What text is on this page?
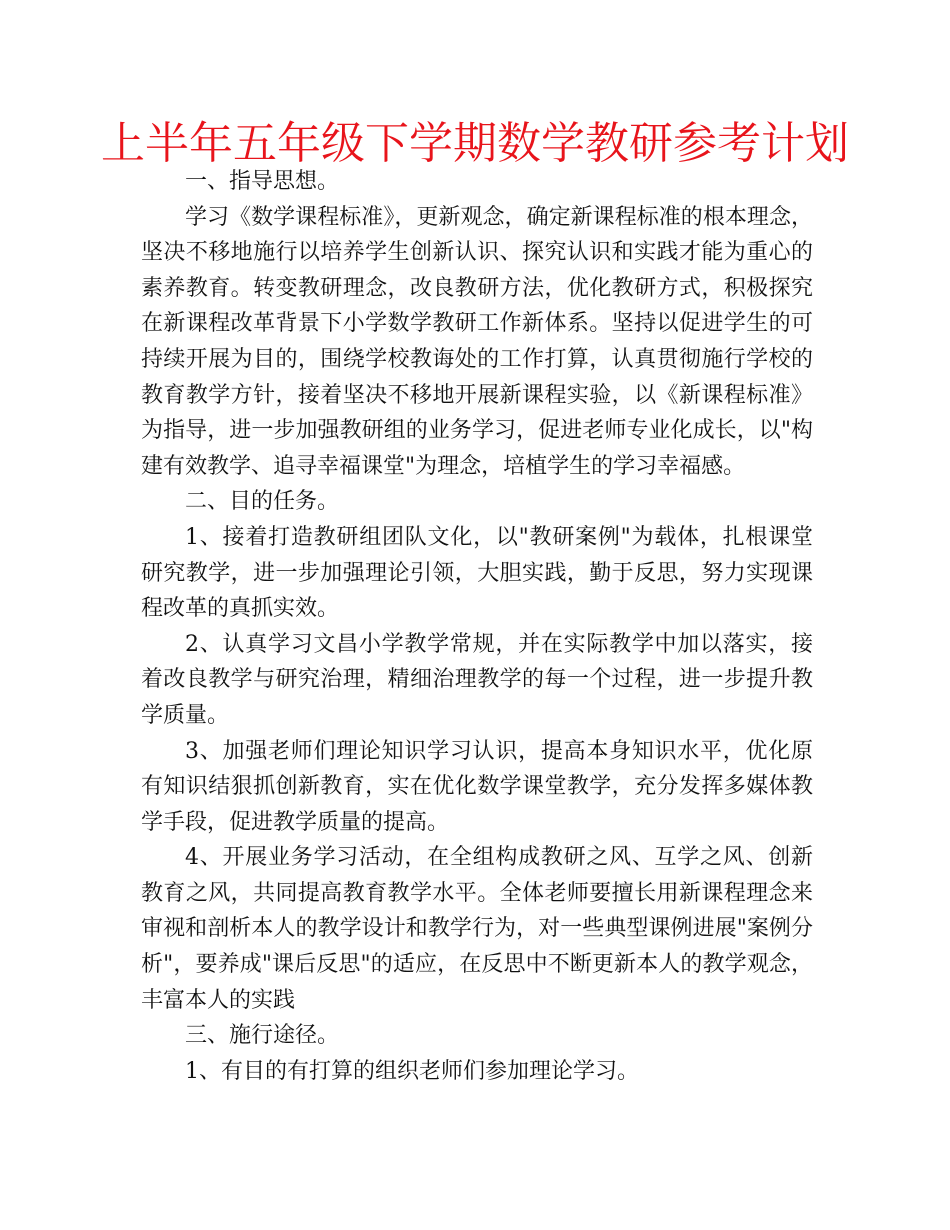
上半年五年级下学期数学教研参考计划

一、指导思想。

学习《数学课程标准》，更新观念，确定新课程标准的根本理念，坚决不移地施行以培养学生创新认识、探究认识和实践才能为重心的素养教育。转变教研理念，改良教研方法，优化教研方式，积极探究在新课程改革背景下小学数学教研工作新体系。坚持以促进学生的可持续开展为目的，围绕学校教诲处的工作打算，认真贯彻施行学校的教育教学方针，接着坚决不移地开展新课程实验，以《新课程标准》为指导，进一步加强教研组的业务学习，促进老师专业化成长，以"构建有效教学、追寻幸福课堂"为理念，培植学生的学习幸福感。

二、目的任务。

1、接着打造教研组团队文化，以"教研案例"为载体，扎根课堂研究教学，进一步加强理论引领，大胆实践，勤于反思，努力实现课程改革的真抓实效。

2、认真学习文昌小学教学常规，并在实际教学中加以落实，接着改良教学与研究治理，精细治理教学的每一个过程，进一步提升教学质量。

3、加强老师们理论知识学习认识，提高本身知识水平，优化原有知识结狠抓创新教育，实在优化数学课堂教学，充分发挥多媒体教学手段，促进教学质量的提高。

4、开展业务学习活动，在全组构成教研之风、互学之风、创新教育之风，共同提高教育教学水平。全体老师要擅长用新课程理念来审视和剖析本人的教学设计和教学行为，对一些典型课例进展"案例分析"，要养成"课后反思"的适应，在反思中不断更新本人的教学观念，丰富本人的实践

三、施行途径。

1、有目的有打算的组织老师们参加理论学习。
